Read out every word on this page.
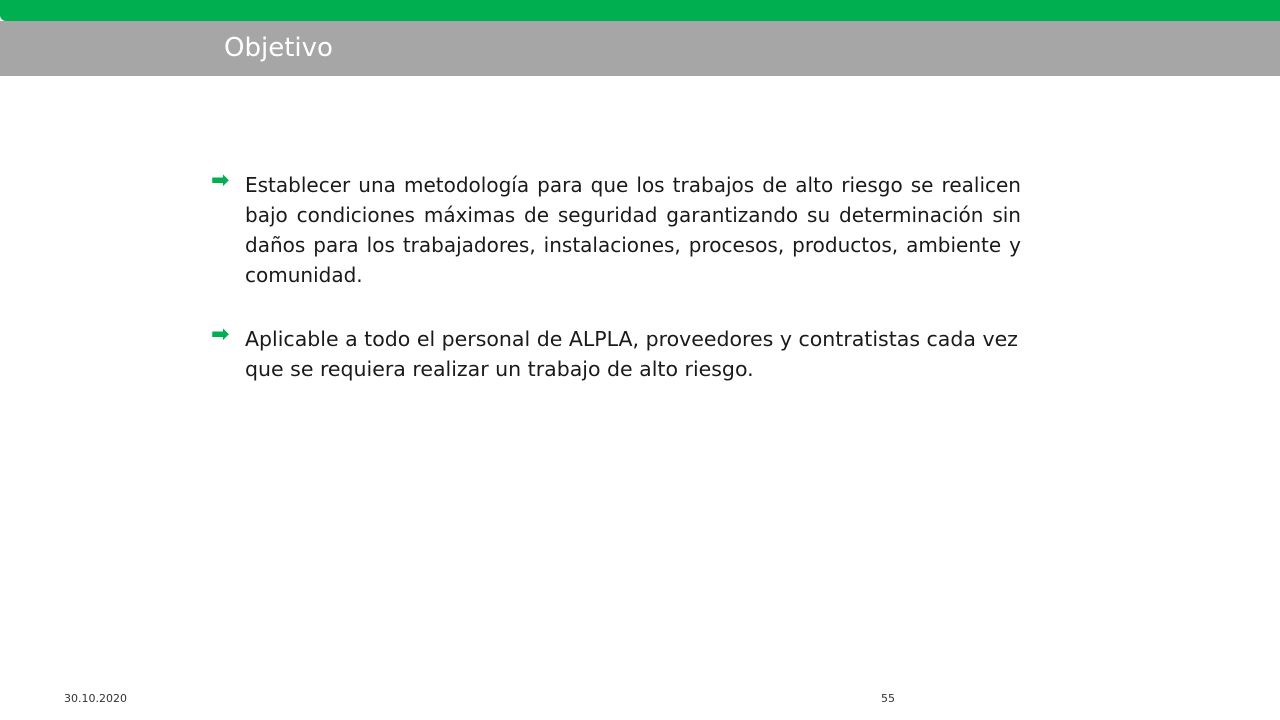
Objetivo
➡ Establecer una metodología para que los trabajos de alto riesgo se realicen bajo condiciones máximas de seguridad garantizando su determinación sin daños para los trabajadores, instalaciones, procesos, productos, ambiente y comunidad.
➡ Aplicable a todo el personal de ALPLA, proveedores y contratistas cada vez que se requiera realizar un trabajo de alto riesgo.
30.10.2020	55
